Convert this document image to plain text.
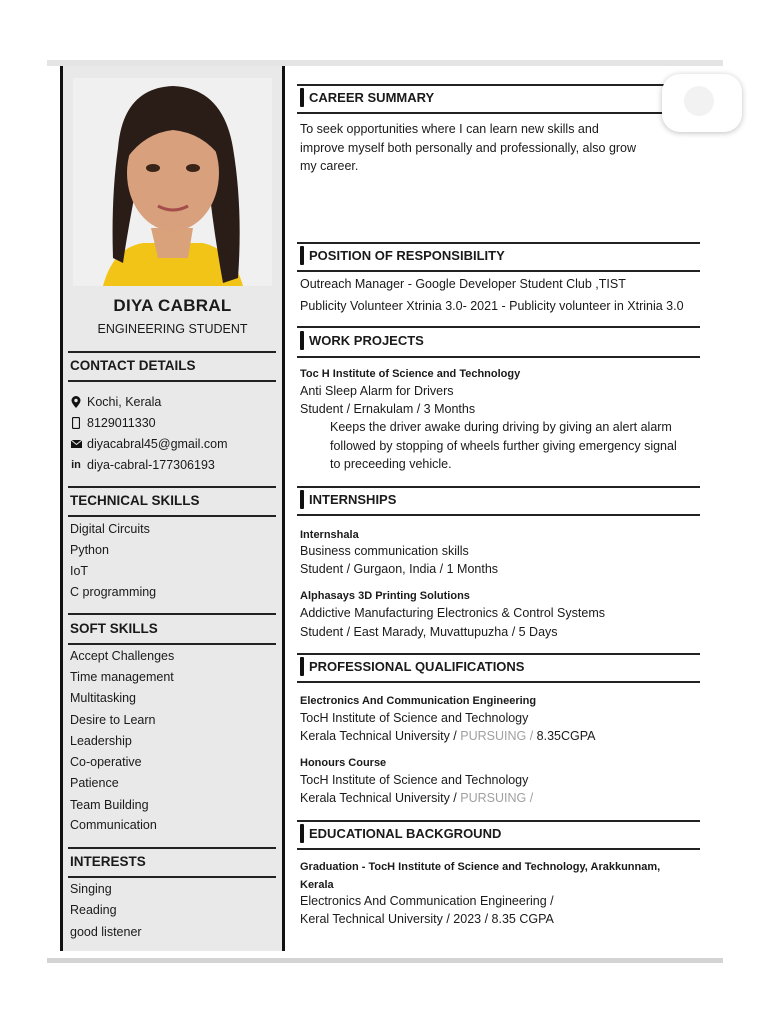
DIYA CABRAL
ENGINEERING STUDENT
CONTACT DETAILS
Kochi, Kerala
8129011330
diyacabral45@gmail.com
in diya-cabral-177306193
TECHNICAL SKILLS
Digital Circuits
Python
IoT
C programming
SOFT SKILLS
Accept Challenges
Time management
Multitasking
Desire to Learn
Leadership
Co-operative
Patience
Team Building
Communication
INTERESTS
Singing
Reading
good listener
CAREER SUMMARY
To seek opportunities where I can learn new skills and
improve myself both personally and professionally, also grow
my career.
POSITION OF RESPONSIBILITY
Outreach Manager - Google Developer Student Club ,TIST
Publicity Volunteer Xtrinia 3.0- 2021 - Publicity volunteer in Xtrinia 3.0
WORK PROJECTS
Toc H Institute of Science and Technology
Anti Sleep Alarm for Drivers
Student / Ernakulam / 3 Months
Keeps the driver awake during driving by giving an alert alarm
followed by stopping of wheels further giving emergency signal
to preceeding vehicle.
INTERNSHIPS
Internshala
Business communication skills
Student / Gurgaon, India / 1 Months
Alphasays 3D Printing Solutions
Addictive Manufacturing Electronics & Control Systems
Student / East Marady, Muvattupuzha / 5 Days
PROFESSIONAL QUALIFICATIONS
Electronics And Communication Engineering
TocH Institute of Science and Technology
Kerala Technical University / PURSUING / 8.35CGPA
Honours Course
TocH Institute of Science and Technology
Kerala Technical University / PURSUING /
EDUCATIONAL BACKGROUND
Graduation - TocH Institute of Science and Technology, Arakkunnam,
Kerala
Electronics And Communication Engineering /
Keral Technical University / 2023 / 8.35 CGPA
